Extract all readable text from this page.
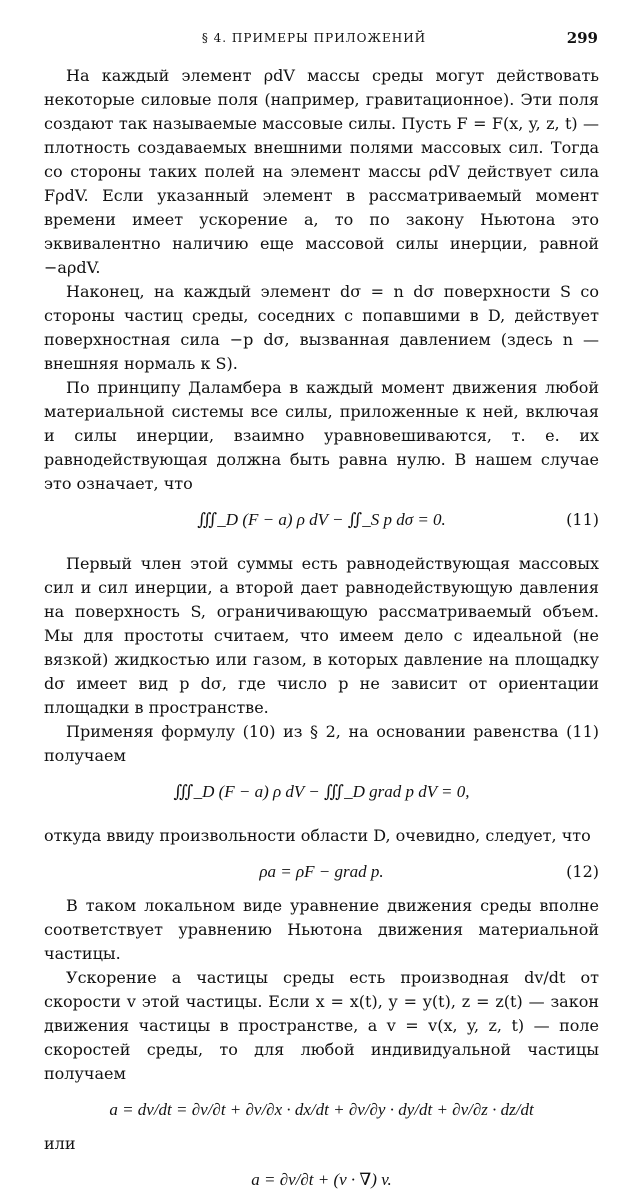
§ 4. ПРИМЕРЫ ПРИЛОЖЕНИЙ	299

На каждый элемент ρdV массы среды могут действовать некоторые силовые поля (например, гравитационное). Эти поля создают так называемые массовые силы. Пусть F = F(x, y, z, t) — плотность создаваемых внешними полями массовых сил. Тогда со стороны таких полей на элемент массы ρdV действует сила FρdV. Если указанный элемент в рассматриваемый момент времени имеет ускорение a, то по закону Ньютона это эквивалентно наличию еще массовой силы инерции, равной −aρdV.

Наконец, на каждый элемент dσ = n dσ поверхности S со стороны частиц среды, соседних с попавшими в D, действует поверхностная сила −p dσ, вызванная давлением (здесь n — внешняя нормаль к S).

По принципу Даламбера в каждый момент движения любой материальной системы все силы, приложенные к ней, включая и силы инерции, взаимно уравновешиваются, т. е. их равнодействующая должна быть равна нулю. В нашем случае это означает, что

∭_D (F − a) ρ dV − ∬_S p dσ = 0.	(11)

Первый член этой суммы есть равнодействующая массовых сил и сил инерции, а второй дает равнодействующую давления на поверхность S, ограничивающую рассматриваемый объем. Мы для простоты считаем, что имеем дело с идеальной (не вязкой) жидкостью или газом, в которых давление на площадку dσ имеет вид p dσ, где число p не зависит от ориентации площадки в пространстве.

Применяя формулу (10) из § 2, на основании равенства (11) получаем

∭_D (F − a) ρ dV − ∭_D grad p dV = 0,

откуда ввиду произвольности области D, очевидно, следует, что

ρa = ρF − grad p.	(12)

В таком локальном виде уравнение движения среды вполне соответствует уравнению Ньютона движения материальной частицы.

Ускорение a частицы среды есть производная dv/dt от скорости v этой частицы. Если x = x(t), y = y(t), z = z(t) — закон движения частицы в пространстве, а v = v(x, y, z, t) — поле скоростей среды, то для любой индивидуальной частицы получаем

a = dv/dt = ∂v/∂t + ∂v/∂x · dx/dt + ∂v/∂y · dy/dt + ∂v/∂z · dz/dt

или

a = ∂v/∂t + (v · ∇) v.
